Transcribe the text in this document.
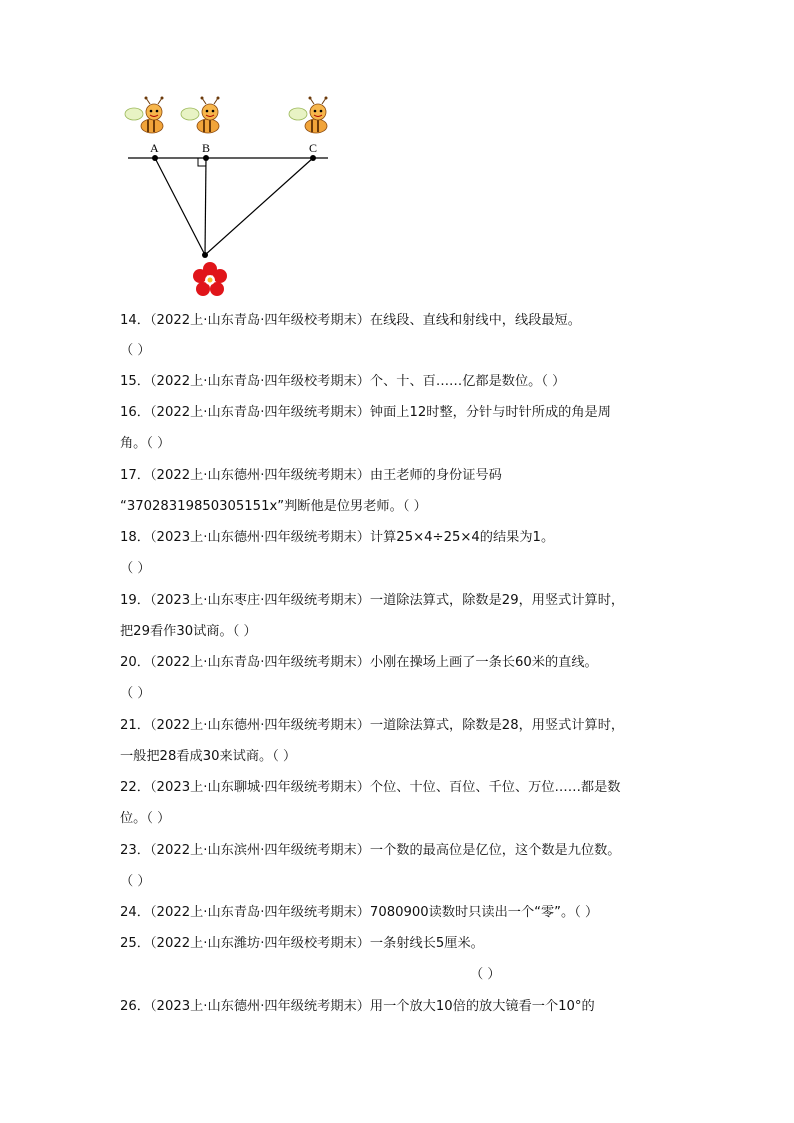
A	B	C
14．（2022上·山东青岛·四年级校考期末）在线段、直线和射线中，线段最短。
（ ）
15．（2022上·山东青岛·四年级校考期末）个、十、百……亿都是数位。（ ）
16．（2022上·山东青岛·四年级统考期末）钟面上12时整，分针与时针所成的角是周
角。（ ）
17．（2022上·山东德州·四年级统考期末）由王老师的身份证号码
“37028319850305151x”判断他是位男老师。（ ）
18．（2023上·山东德州·四年级统考期末）计算25×4÷25×4的结果为1。
（ ）
19．（2023上·山东枣庄·四年级统考期末）一道除法算式，除数是29，用竖式计算时，
把29看作30试商。（ ）
20．（2022上·山东青岛·四年级统考期末）小刚在操场上画了一条长60米的直线。
（ ）
21．（2022上·山东德州·四年级统考期末）一道除法算式，除数是28，用竖式计算时，
一般把28看成30来试商。（ ）
22．（2023上·山东聊城·四年级统考期末）个位、十位、百位、千位、万位……都是数
位。（ ）
23．（2022上·山东滨州·四年级统考期末）一个数的最高位是亿位，这个数是九位数。
（ ）
24．（2022上·山东青岛·四年级统考期末）7080900读数时只读出一个“零”。（ ）
25．（2022上·山东潍坊·四年级校考期末）一条射线长5厘米。
（ ）
26．（2023上·山东德州·四年级统考期末）用一个放大10倍的放大镜看一个10°的
